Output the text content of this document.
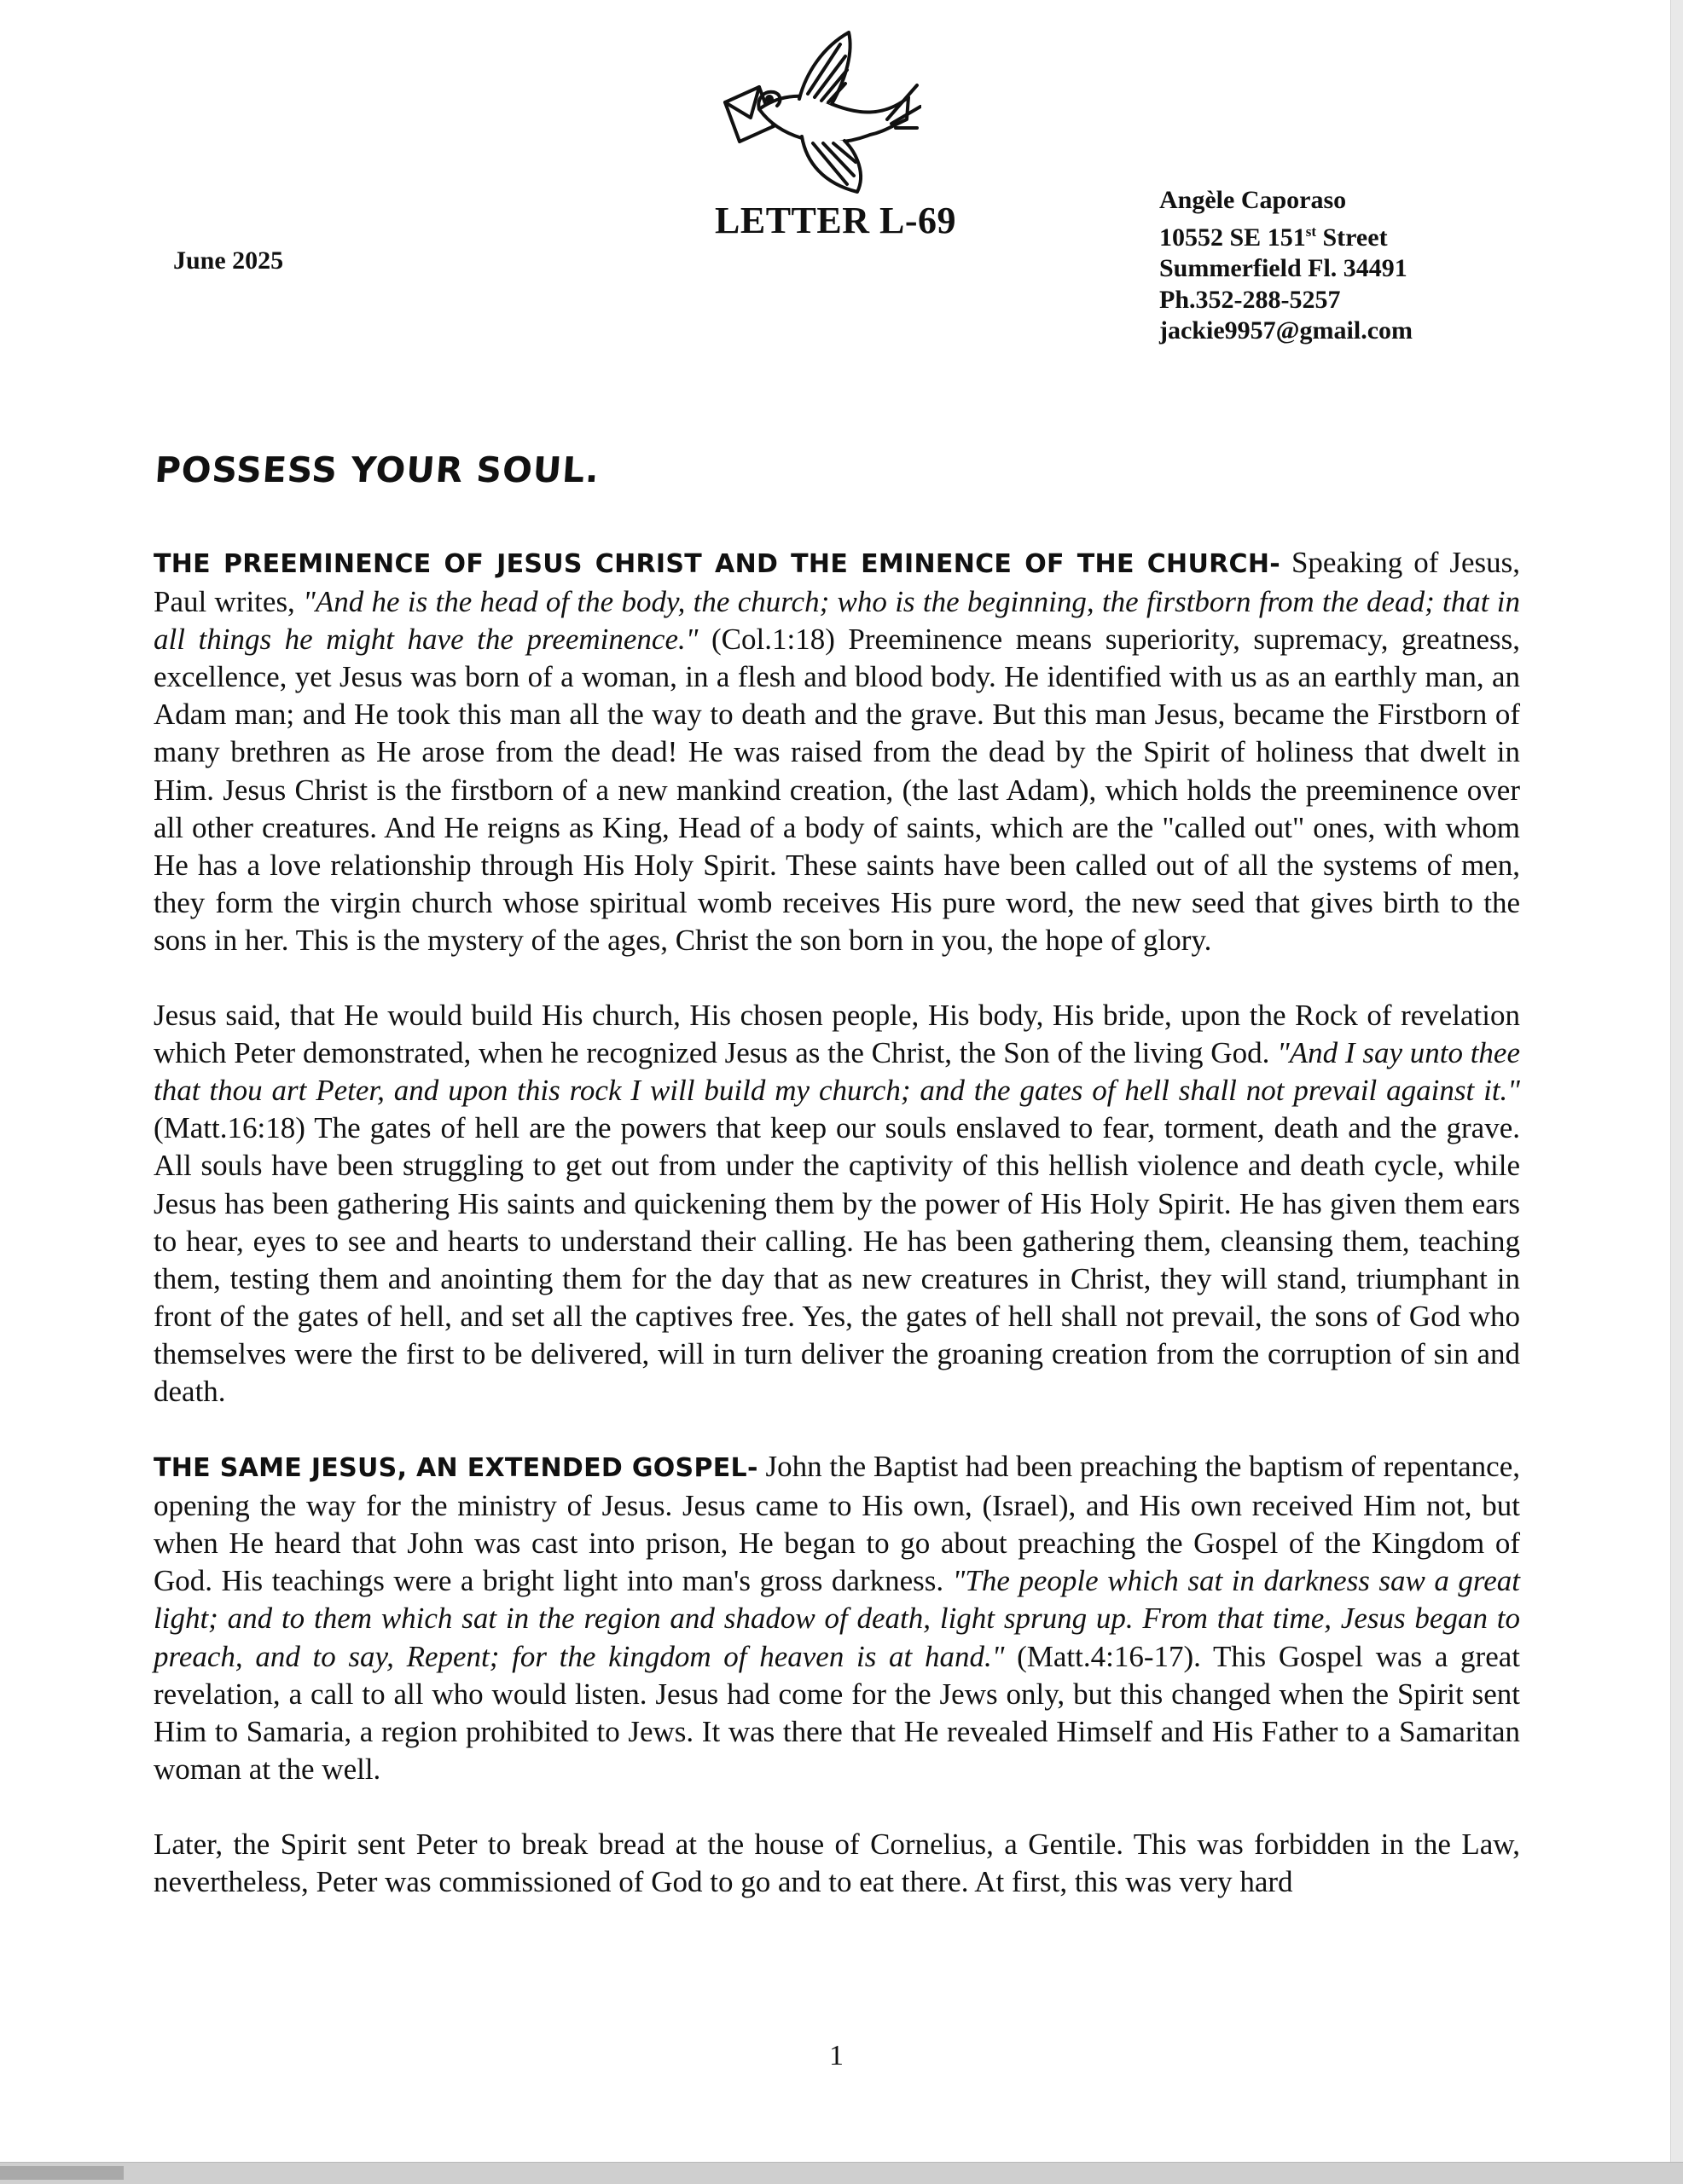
June 2025
LETTER L-69	Angèle Caporaso
10552 SE 151st Street
Summerfield Fl. 34491
Ph.352-288-5257
jackie9957@gmail.com
POSSESS YOUR SOUL.

THE PREEMINENCE OF JESUS CHRIST AND THE EMINENCE OF THE CHURCH- Speaking of Jesus, Paul writes, "And he is the head of the body, the church; who is the beginning, the firstborn from the dead; that in all things he might have the preeminence." (Col.1:18) Preeminence means superiority, supremacy, greatness, excellence, yet Jesus was born of a woman, in a flesh and blood body. He identified with us as an earthly man, an Adam man; and He took this man all the way to death and the grave. But this man Jesus, became the Firstborn of many brethren as He arose from the dead! He was raised from the dead by the Spirit of holiness that dwelt in Him. Jesus Christ is the firstborn of a new mankind creation, (the last Adam), which holds the preeminence over all other creatures. And He reigns as King, Head of a body of saints, which are the "called out" ones, with whom He has a love relationship through His Holy Spirit. These saints have been called out of all the systems of men, they form the virgin church whose spiritual womb receives His pure word, the new seed that gives birth to the sons in her. This is the mystery of the ages, Christ the son born in you, the hope of glory.

Jesus said, that He would build His church, His chosen people, His body, His bride, upon the Rock of revelation which Peter demonstrated, when he recognized Jesus as the Christ, the Son of the living God. "And I say unto thee that thou art Peter, and upon this rock I will build my church; and the gates of hell shall not prevail against it." (Matt.16:18) The gates of hell are the powers that keep our souls enslaved to fear, torment, death and the grave. All souls have been struggling to get out from under the captivity of this hellish violence and death cycle, while Jesus has been gathering His saints and quickening them by the power of His Holy Spirit. He has given them ears to hear, eyes to see and hearts to understand their calling. He has been gathering them, cleansing them, teaching them, testing them and anointing them for the day that as new creatures in Christ, they will stand, triumphant in front of the gates of hell, and set all the captives free. Yes, the gates of hell shall not prevail, the sons of God who themselves were the first to be delivered, will in turn deliver the groaning creation from the corruption of sin and death.

THE SAME JESUS, AN EXTENDED GOSPEL- John the Baptist had been preaching the baptism of repentance, opening the way for the ministry of Jesus. Jesus came to His own, (Israel), and His own received Him not, but when He heard that John was cast into prison, He began to go about preaching the Gospel of the Kingdom of God. His teachings were a bright light into man's gross darkness. "The people which sat in darkness saw a great light; and to them which sat in the region and shadow of death, light sprung up. From that time, Jesus began to preach, and to say, Repent; for the kingdom of heaven is at hand." (Matt.4:16-17). This Gospel was a great revelation, a call to all who would listen. Jesus had come for the Jews only, but this changed when the Spirit sent Him to Samaria, a region prohibited to Jews. It was there that He revealed Himself and His Father to a Samaritan woman at the well.

Later, the Spirit sent Peter to break bread at the house of Cornelius, a Gentile. This was forbidden in the Law, nevertheless, Peter was commissioned of God to go and to eat there. At first, this was very hard

1
